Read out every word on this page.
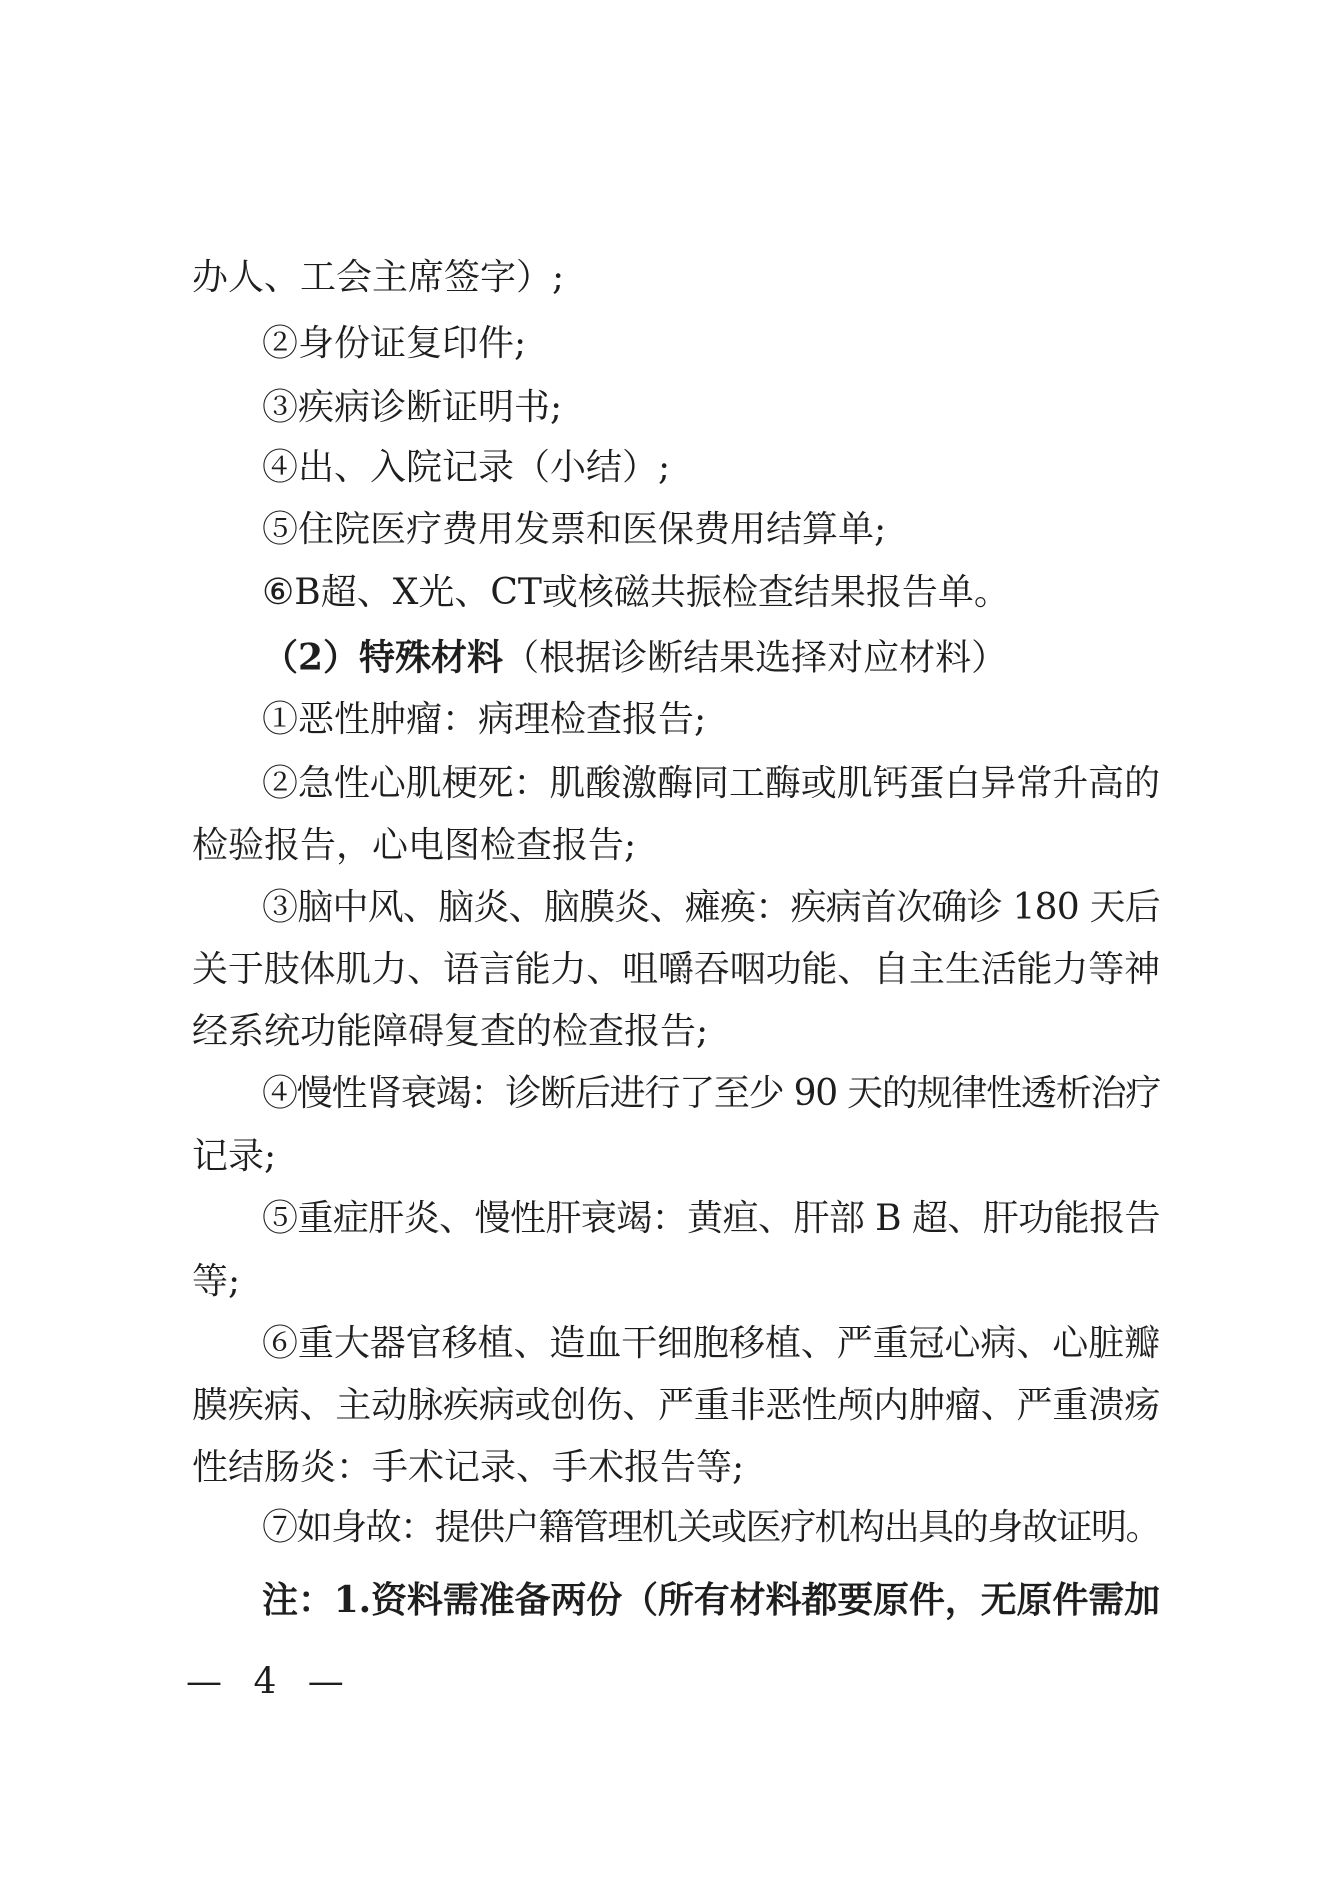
办人、工会主席签字）;
②身份证复印件;
③疾病诊断证明书;
④出、入院记录（小结）;
⑤住院医疗费用发票和医保费用结算单;
⑥B超、X光、CT或核磁共振检查结果报告单。
（2）特殊材料（根据诊断结果选择对应材料）
①恶性肿瘤：病理检查报告;
②急性心肌梗死：肌酸激酶同工酶或肌钙蛋白异常升高的
检验报告，心电图检查报告;
③脑中风、脑炎、脑膜炎、瘫痪：疾病首次确诊 180 天后
关于肢体肌力、语言能力、咀嚼吞咽功能、自主生活能力等神
经系统功能障碍复查的检查报告;
④慢性肾衰竭：诊断后进行了至少 90 天的规律性透析治疗
记录;
⑤重症肝炎、慢性肝衰竭：黄疸、肝部 B 超、肝功能报告
等;
⑥重大器官移植、造血干细胞移植、严重冠心病、心脏瓣
膜疾病、主动脉疾病或创伤、严重非恶性颅内肿瘤、严重溃疡
性结肠炎：手术记录、手术报告等;
⑦如身故：提供户籍管理机关或医疗机构出具的身故证明。
注：1.资料需准备两份（所有材料都要原件，无原件需加
— 4 —
